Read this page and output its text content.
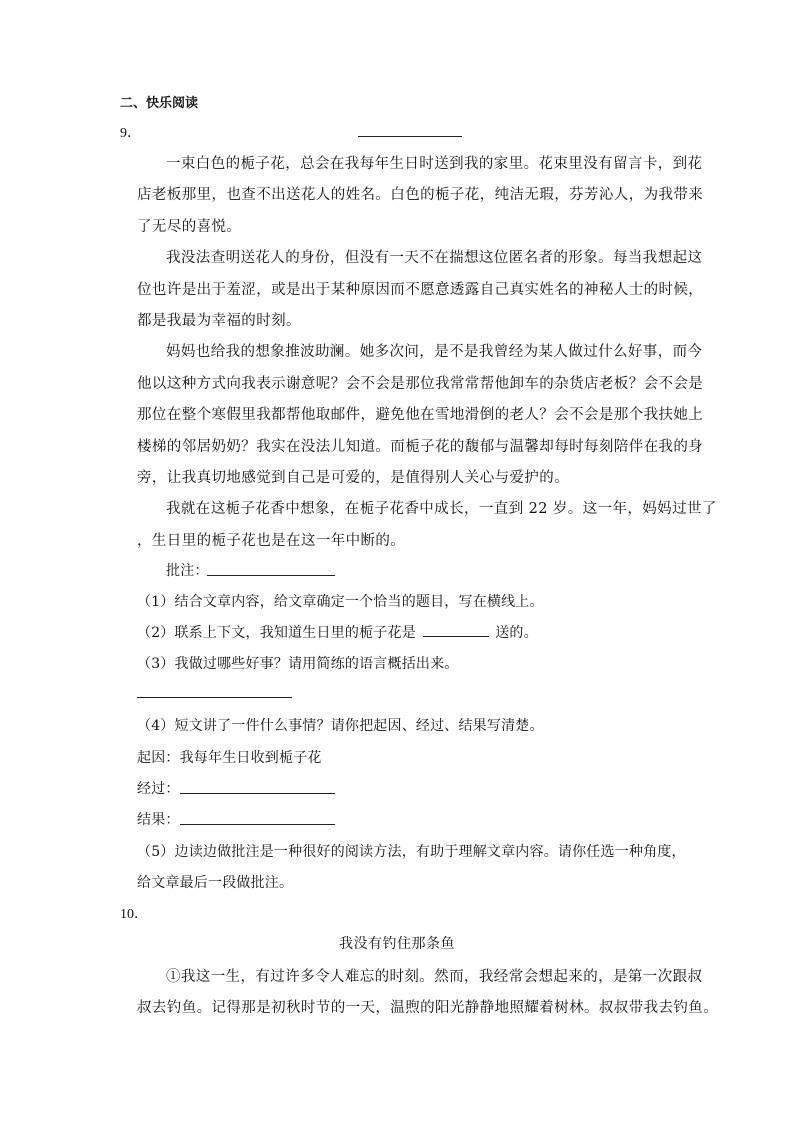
二、快乐阅读
9．
一束白色的栀子花，总会在我每年生日时送到我的家里。花束里没有留言卡，到花
店老板那里，也查不出送花人的姓名。白色的栀子花，纯洁无瑕，芬芳沁人，为我带来
了无尽的喜悦。
我没法查明送花人的身份，但没有一天不在揣想这位匿名者的形象。每当我想起这
位也许是出于羞涩，或是出于某种原因而不愿意透露自己真实姓名的神秘人士的时候，
都是我最为幸福的时刻。
妈妈也给我的想象推波助澜。她多次问，是不是我曾经为某人做过什么好事，而今
他以这种方式向我表示谢意呢？会不会是那位我常常帮他卸车的杂货店老板？会不会是
那位在整个寒假里我都帮他取邮件，避免他在雪地滑倒的老人？会不会是那个我扶她上
楼梯的邻居奶奶？我实在没法儿知道。而栀子花的馥郁与温馨却每时每刻陪伴在我的身
旁，让我真切地感觉到自己是可爱的，是值得别人关心与爱护的。
我就在这栀子花香中想象，在栀子花香中成长，一直到 22 岁。这一年，妈妈过世了
，生日里的栀子花也是在这一年中断的。
批注：
（1）结合文章内容，给文章确定一个恰当的题目，写在横线上。
（2）联系上下文，我知道生日里的栀子花是	送的。
（3）我做过哪些好事？请用简练的语言概括出来。
（4）短文讲了一件什么事情？请你把起因、经过、结果写清楚。
起因：我每年生日收到栀子花
经过：
结果：
（5）边读边做批注是一种很好的阅读方法，有助于理解文章内容。请你任选一种角度，
给文章最后一段做批注。
10．
我没有钓住那条鱼
①我这一生，有过许多令人难忘的时刻。然而，我经常会想起来的，是第一次跟叔
叔去钓鱼。记得那是初秋时节的一天，温煦的阳光静静地照耀着树林。叔叔带我去钓鱼。
